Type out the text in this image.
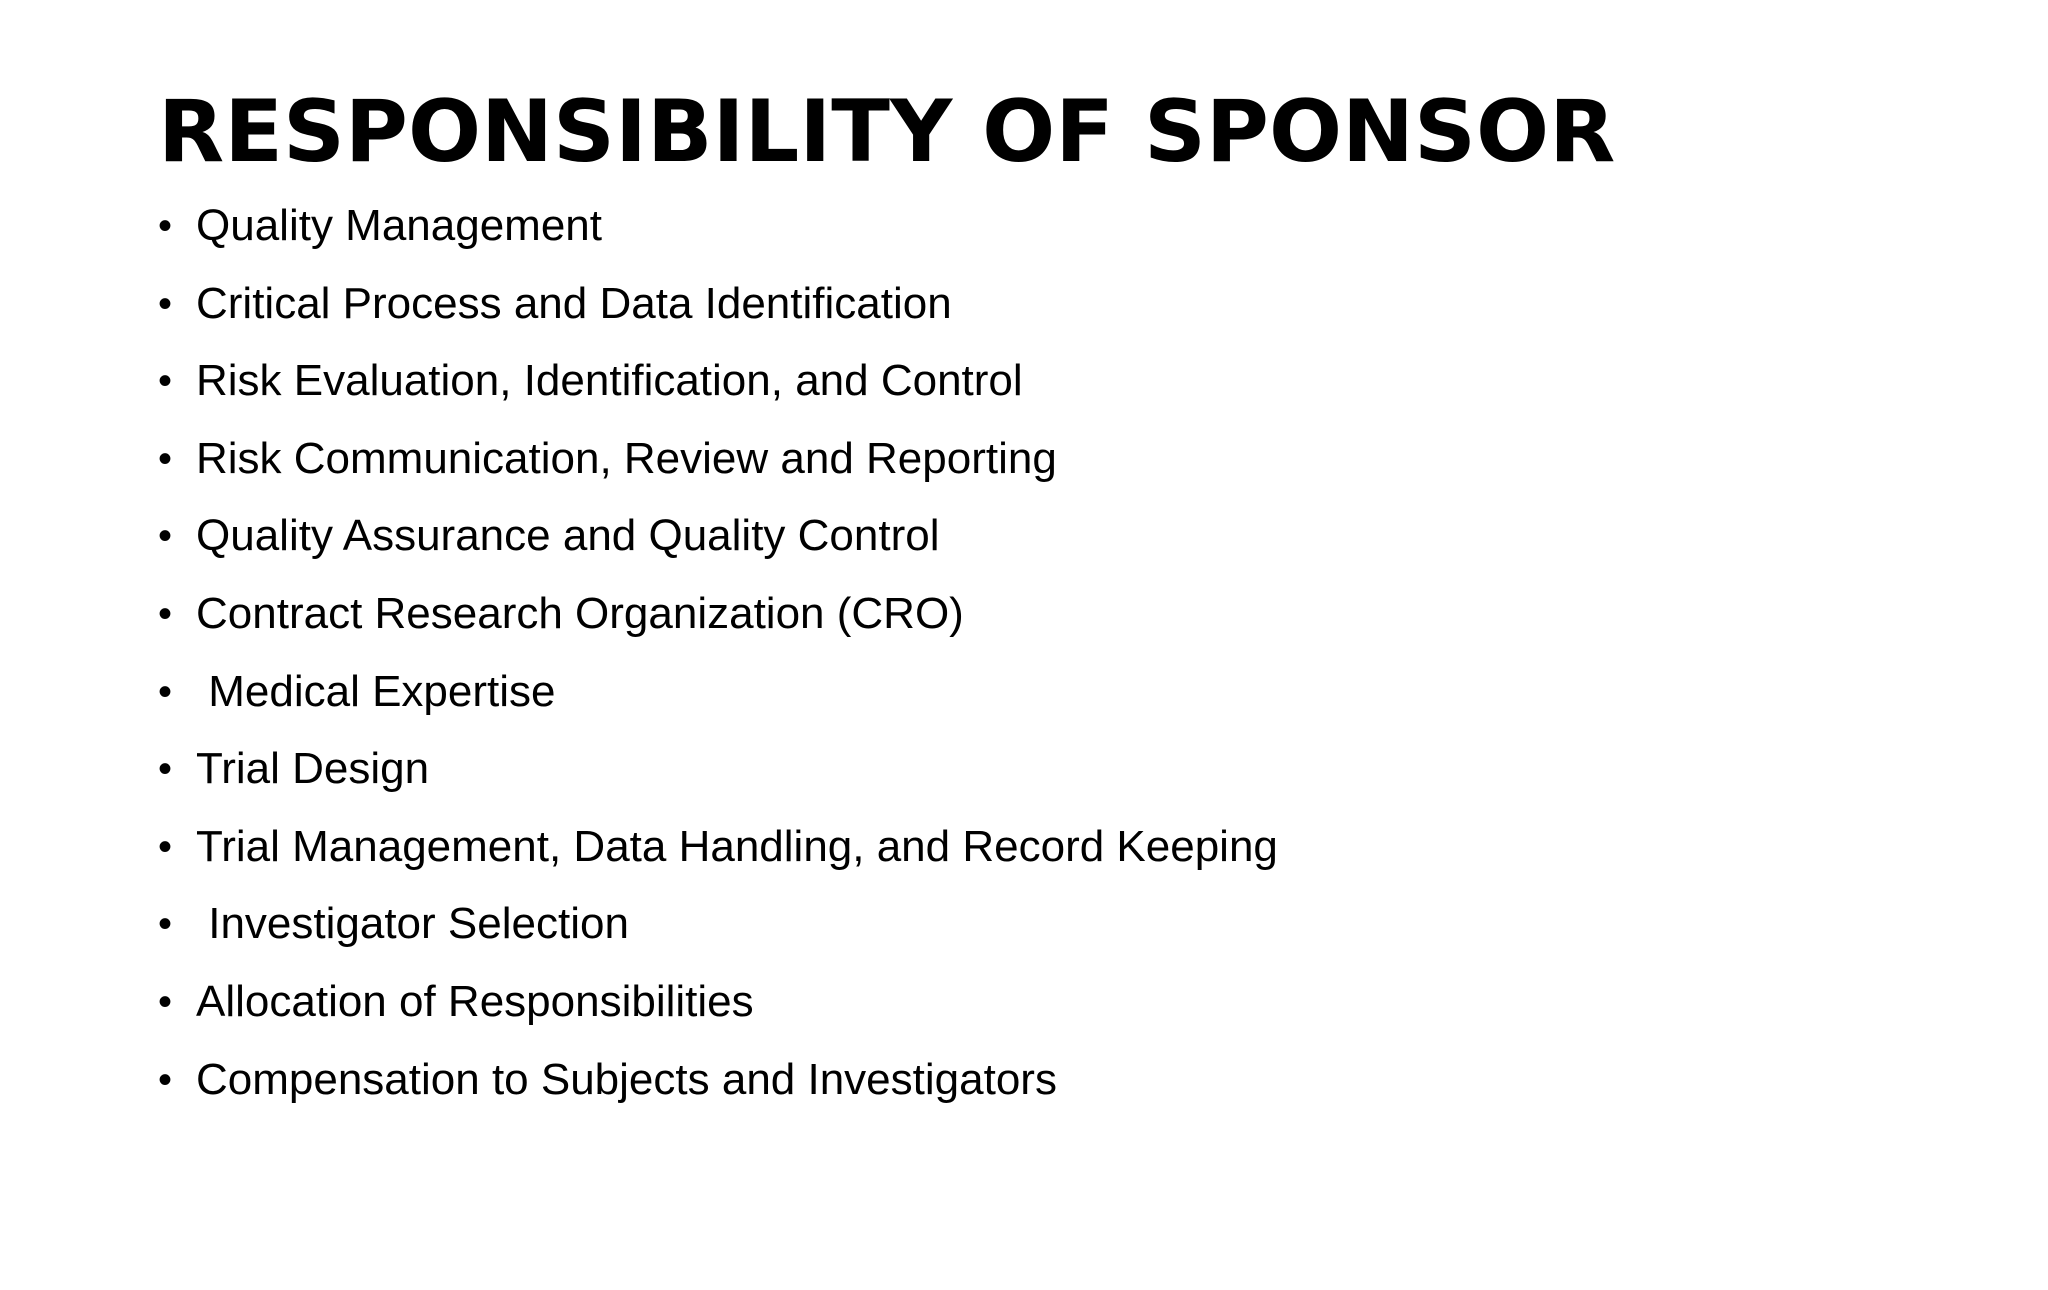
RESPONSIBILITY OF SPONSOR

•

Quality Management

•

Critical Process and Data Identification

•

Risk Evaluation, Identification, and Control

•

Risk Communication, Review and Reporting

•

Quality Assurance and Quality Control

•

Contract Research Organization (CRO)

•

Medical Expertise

•

Trial Design

•

Trial Management, Data Handling, and Record Keeping

•

Investigator Selection

•

Allocation of Responsibilities

•

Compensation to Subjects and Investigators
